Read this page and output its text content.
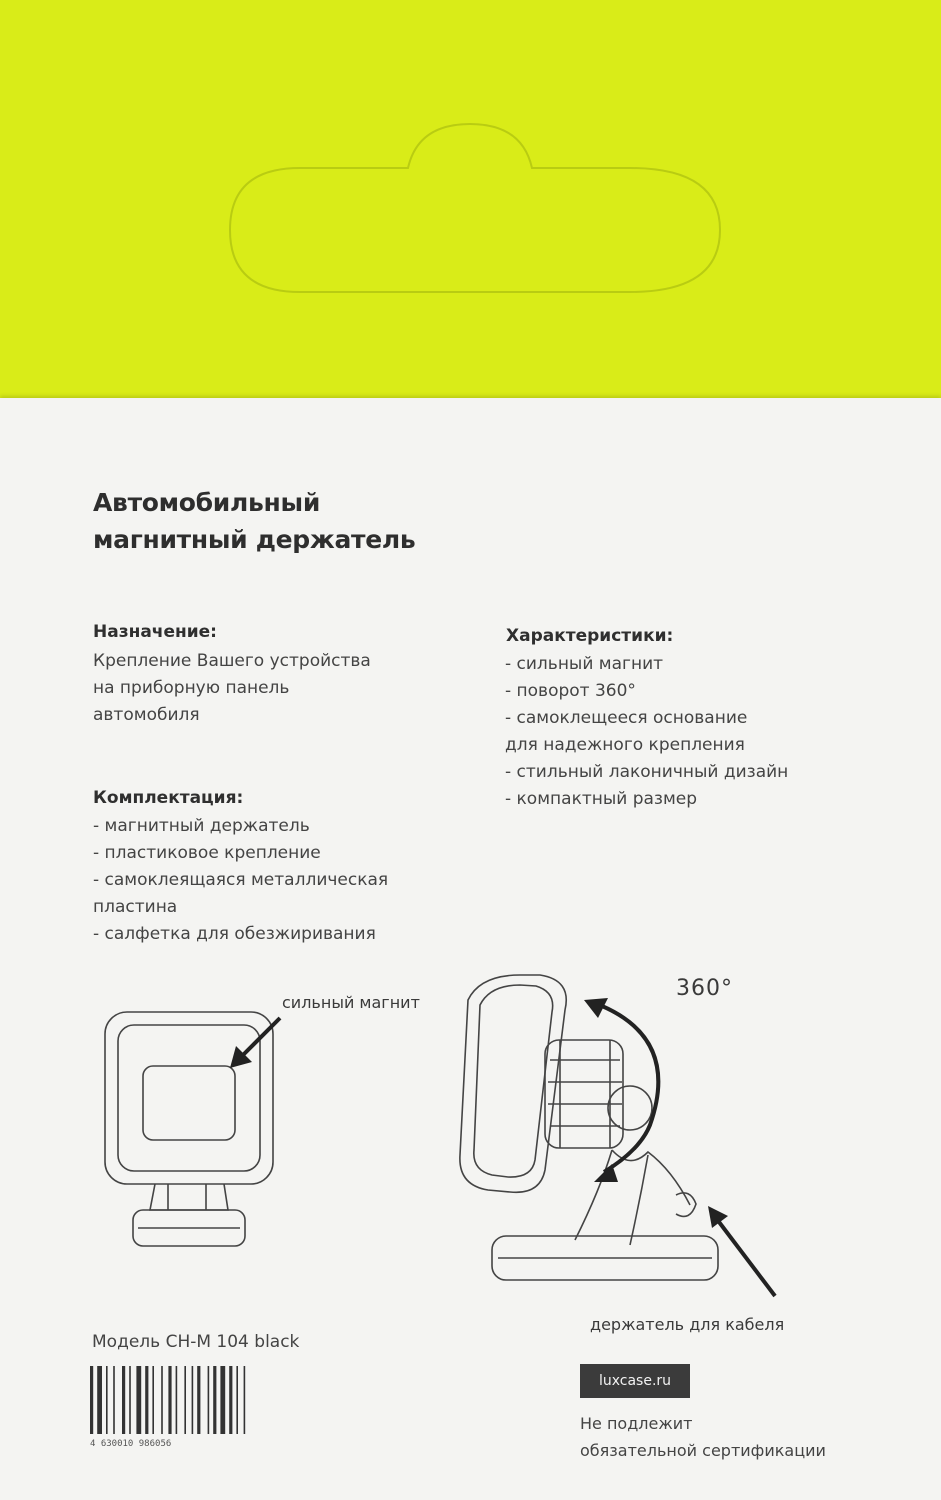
Автомобильный
магнитный держатель

Назначение:

Крепление Вашего устройства
на приборную панель
автомобиля

Комплектация:

- магнитный держатель
- пластиковое крепление
- самоклеящаяся металлическая
пластина
- салфетка для обезжиривания

Характеристики:

- сильный магнит
- поворот 360°
- самоклещееся основание
для надежного крепления
- стильный лаконичный дизайн
- компактный размер
сильный магнит
360°
держатель для кабеля
Модель CH-M 104 black
4 630010 986056
luxcase.ru

Не подлежит
обязательной сертификации
